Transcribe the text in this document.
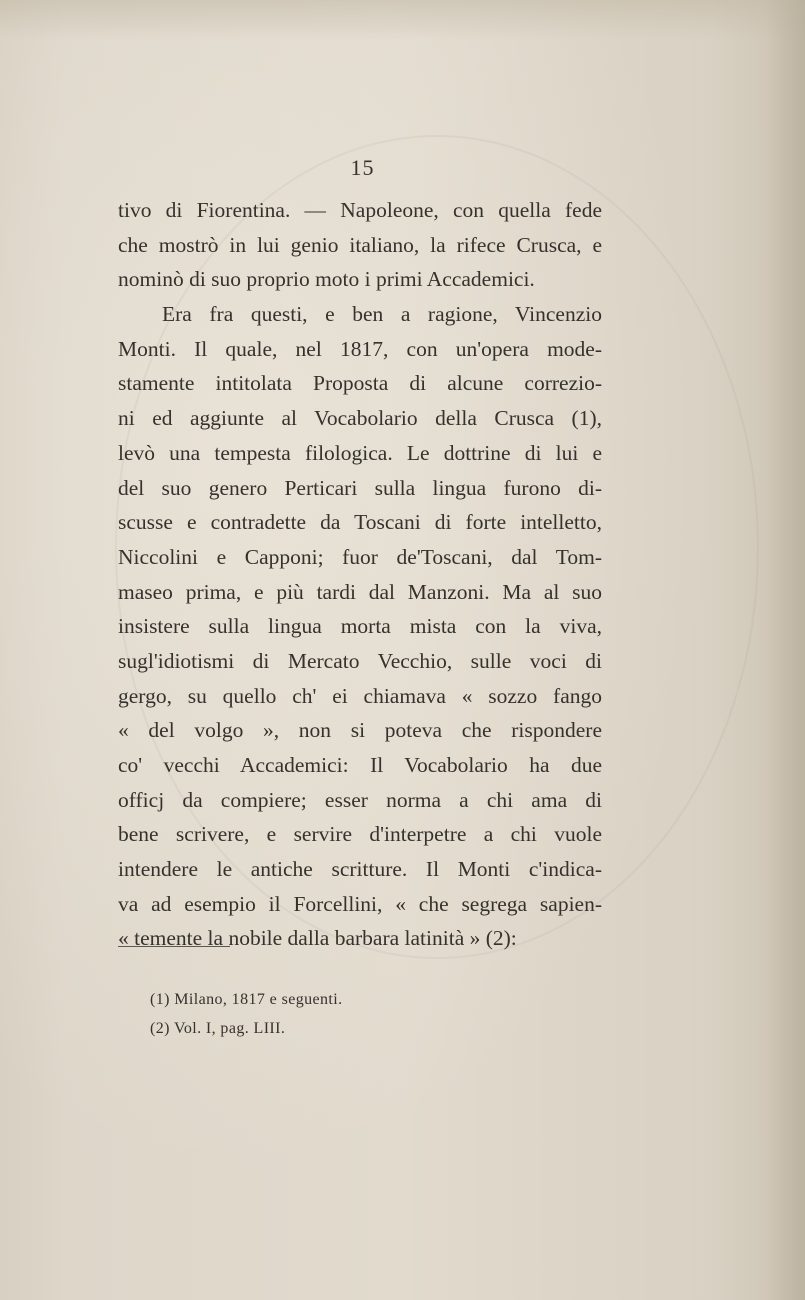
15
tivo di Fiorentina. — Napoleone, con quella fede
che mostrò in lui genio italiano, la rifece Crusca, e
nominò di suo proprio moto i primi Accademici.
Era fra questi, e ben a ragione, Vincenzio
Monti. Il quale, nel 1817, con un'opera mode-
stamente intitolata Proposta di alcune correzio-
ni ed aggiunte al Vocabolario della Crusca (1),
levò una tempesta filologica. Le dottrine di lui e
del suo genero Perticari sulla lingua furono di-
scusse e contradette da Toscani di forte intelletto,
Niccolini e Capponi; fuor de'Toscani, dal Tom-
maseo prima, e più tardi dal Manzoni. Ma al suo
insistere sulla lingua morta mista con la viva,
sugl'idiotismi di Mercato Vecchio, sulle voci di
gergo, su quello ch' ei chiamava « sozzo fango
« del volgo », non si poteva che rispondere
co' vecchi Accademici: Il Vocabolario ha due
officj da compiere; esser norma a chi ama di
bene scrivere, e servire d'interpetre a chi vuole
intendere le antiche scritture. Il Monti c'indica-
va ad esempio il Forcellini, « che segrega sapien-
« temente la nobile dalla barbara latinità » (2):
(1) Milano, 1817 e seguenti.
(2) Vol. I, pag. LIII.
